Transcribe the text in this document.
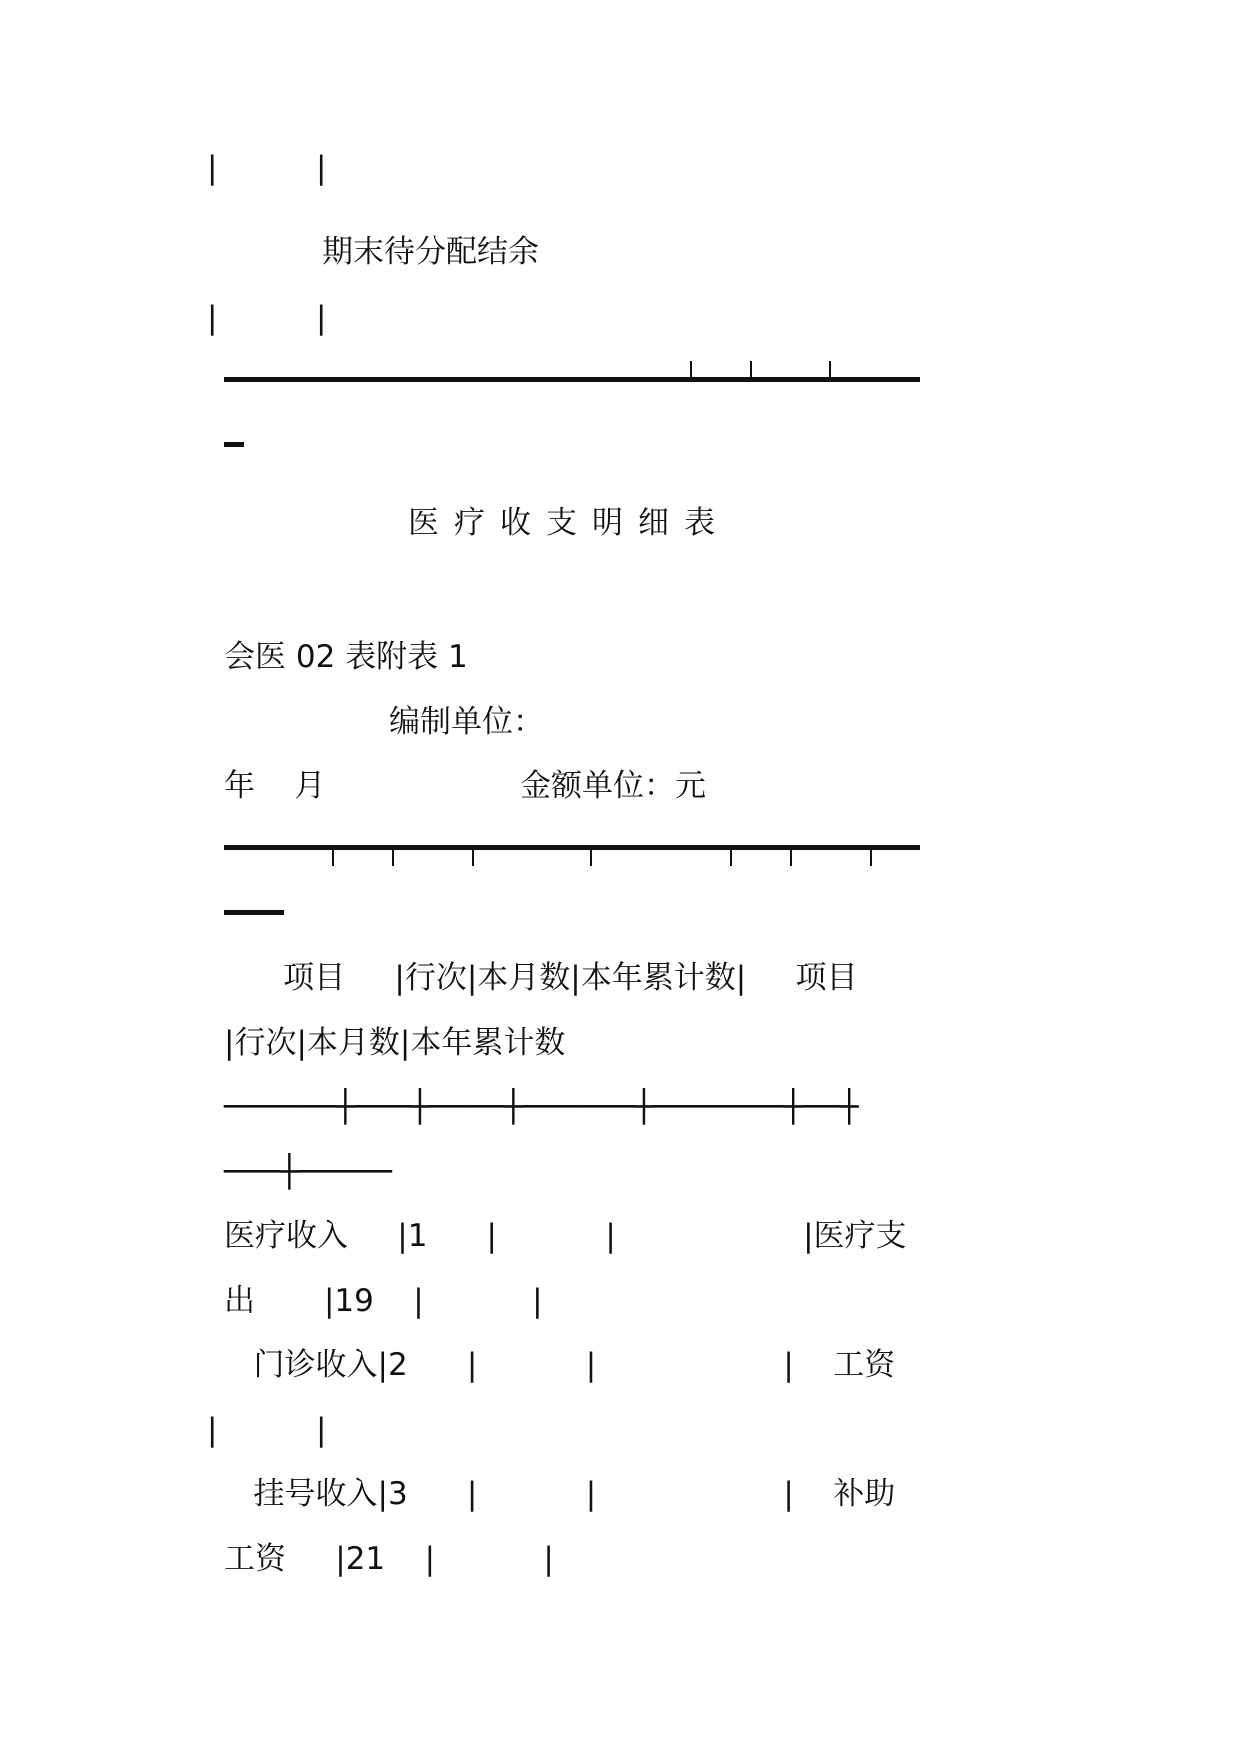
|          |
期末待分配结余
|          |
医疗收支明细表
会医 02 表附表 1
编制单位：
年    月	金额单位：元
项目     |行次|本月数|本年累计数|     项目
|行次|本月数|本年累计数
──────┼───┼────┼──────┼───────┼──┼
───┼─────
医疗收入     |1      |           |                   |医疗支
出       |19    |           |
门诊收入|2      |           |                   |    工资
|          |
挂号收入|3      |           |                   |    补助
工资     |21    |           |
